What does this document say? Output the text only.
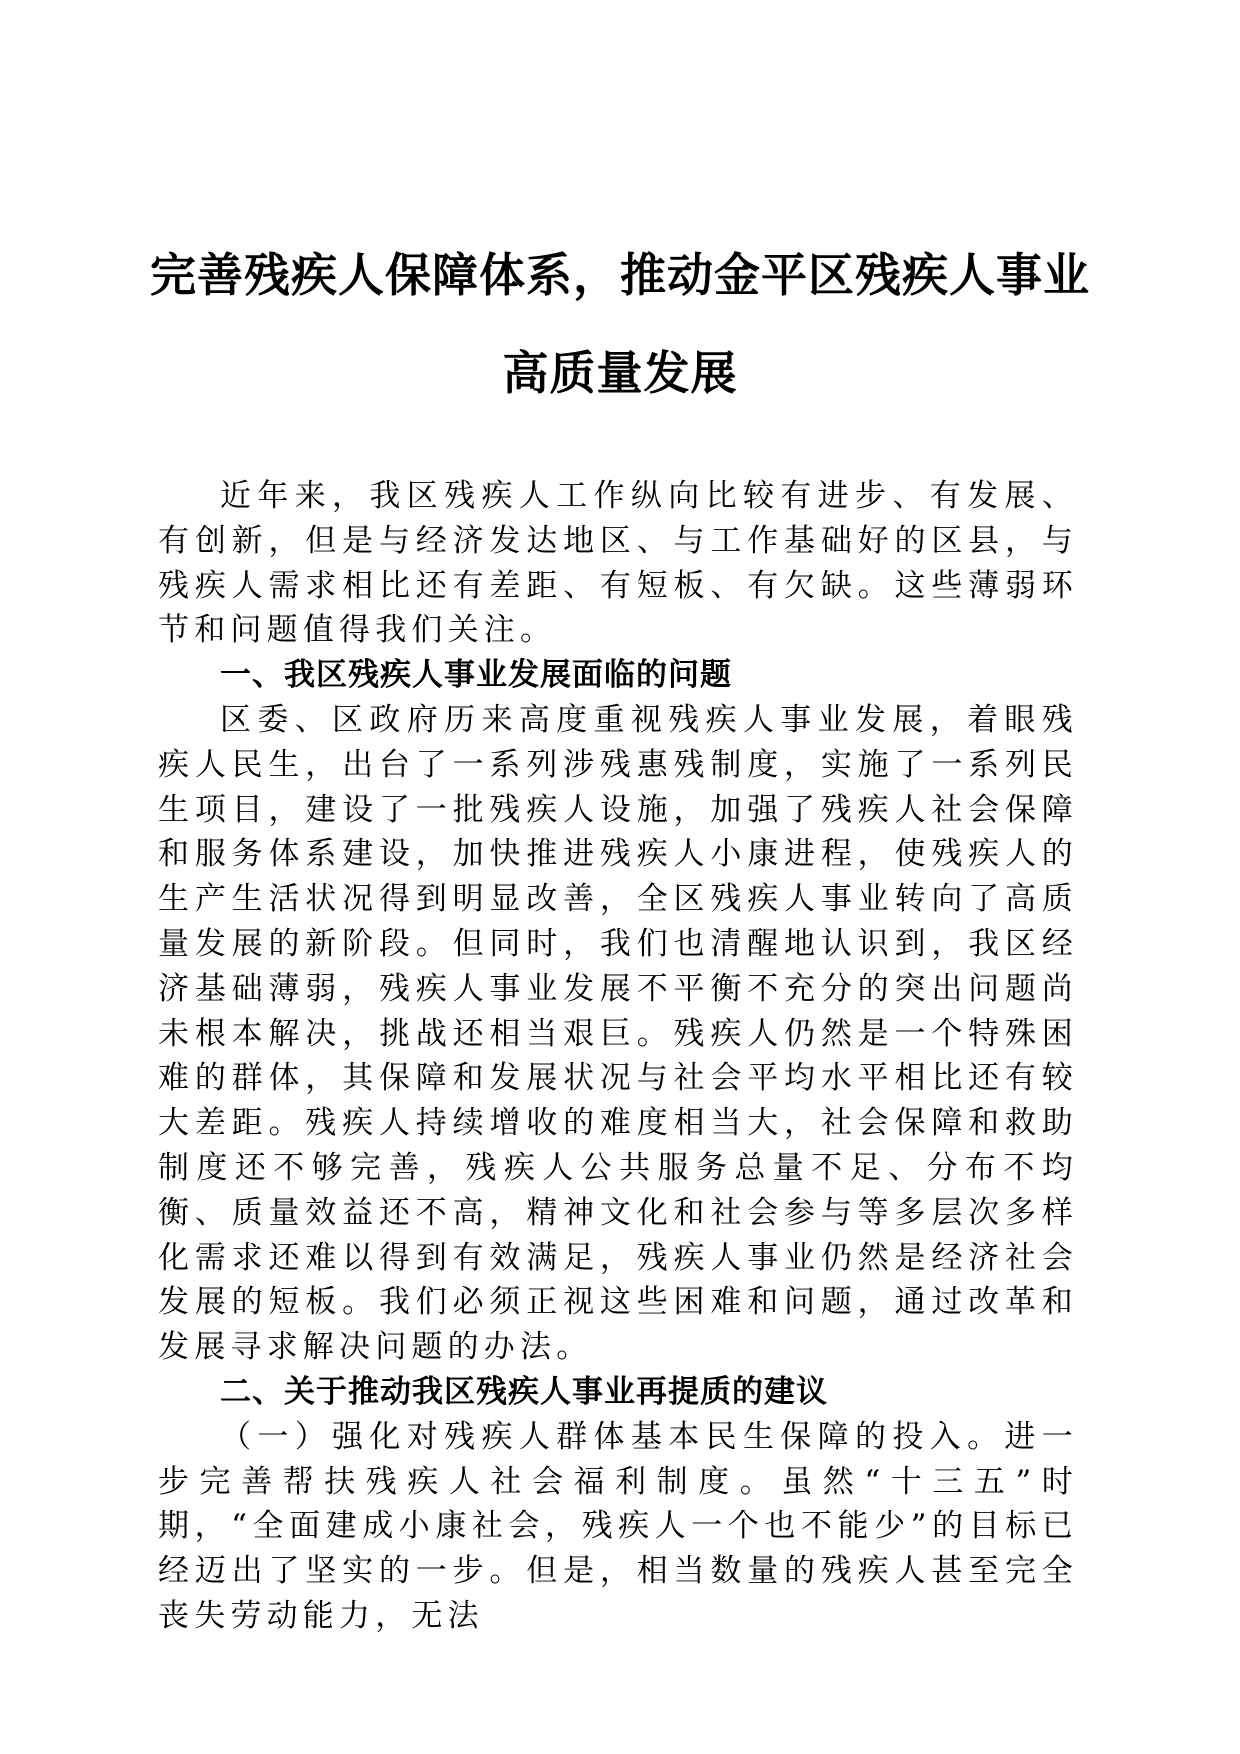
完善残疾人保障体系，推动金平区残疾人事业
高质量发展

近年来，我区残疾人工作纵向比较有进步、有发展、有创新，但是与经济发达地区、与工作基础好的区县，与残疾人需求相比还有差距、有短板、有欠缺。这些薄弱环节和问题值得我们关注。

一、我区残疾人事业发展面临的问题

区委、区政府历来高度重视残疾人事业发展，着眼残疾人民生，出台了一系列涉残惠残制度，实施了一系列民生项目，建设了一批残疾人设施，加强了残疾人社会保障和服务体系建设，加快推进残疾人小康进程，使残疾人的生产生活状况得到明显改善，全区残疾人事业转向了高质量发展的新阶段。但同时，我们也清醒地认识到，我区经济基础薄弱，残疾人事业发展不平衡不充分的突出问题尚未根本解决，挑战还相当艰巨。残疾人仍然是一个特殊困难的群体，其保障和发展状况与社会平均水平相比还有较大差距。残疾人持续增收的难度相当大，社会保障和救助制度还不够完善，残疾人公共服务总量不足、分布不均衡、质量效益还不高，精神文化和社会参与等多层次多样化需求还难以得到有效满足，残疾人事业仍然是经济社会发展的短板。我们必须正视这些困难和问题，通过改革和发展寻求解决问题的办法。

二、关于推动我区残疾人事业再提质的建议

（一）强化对残疾人群体基本民生保障的投入。进一步完善帮扶残疾人社会福利制度。虽然“十三五”时期，“全面建成小康社会，残疾人一个也不能少”的目标已经迈出了坚实的一步。但是，相当数量的残疾人甚至完全丧失劳动能力，无法
